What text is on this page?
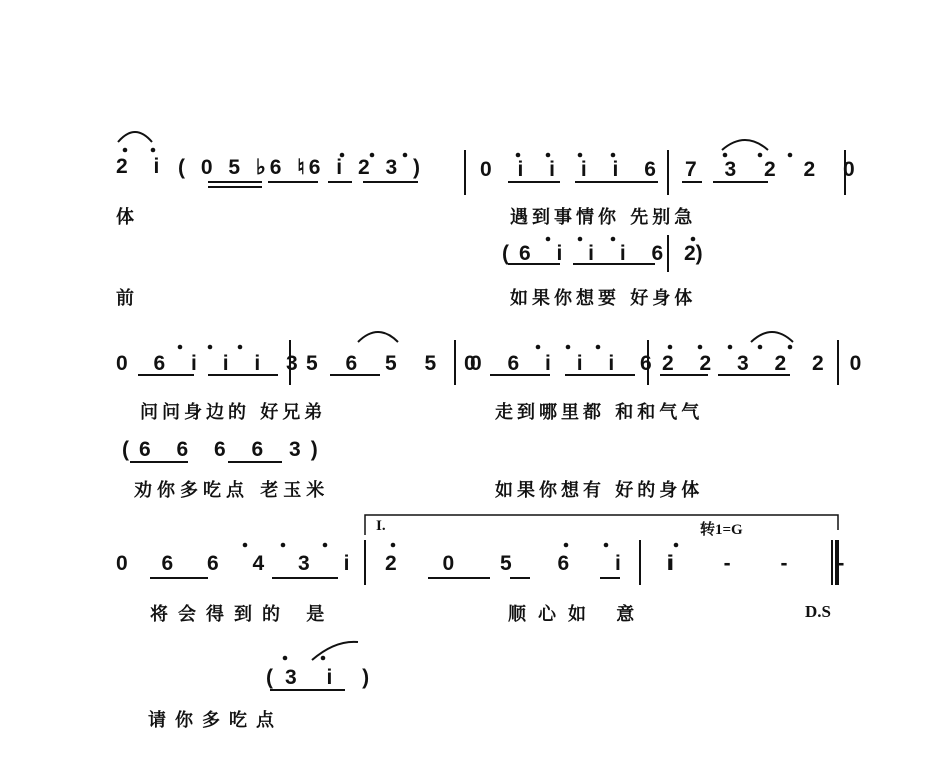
2 i ( 0 5 ♭6 ♮6 i 2 3 )	0 i i i i 6 7 3 2 2 0
体	遇到事情你 先别急
(6 i i i 6 2)
前	如果你想要 好身体
0 6 i i i 3
5 6 5 5 0
0 6 i i i 6 2 2 3 2 2 0
问问身边的 好兄弟	走到哪里都 和和气气
(6 6 6 6 3)
劝你多吃点 老玉米	如果你想有 好的身体
I.	转1=G
0 6 6 4 3 i 2 0 5 6 i i
i - - -
将会得到的 是	顺心如 意	D.S
(3 i )
请你多吃点
